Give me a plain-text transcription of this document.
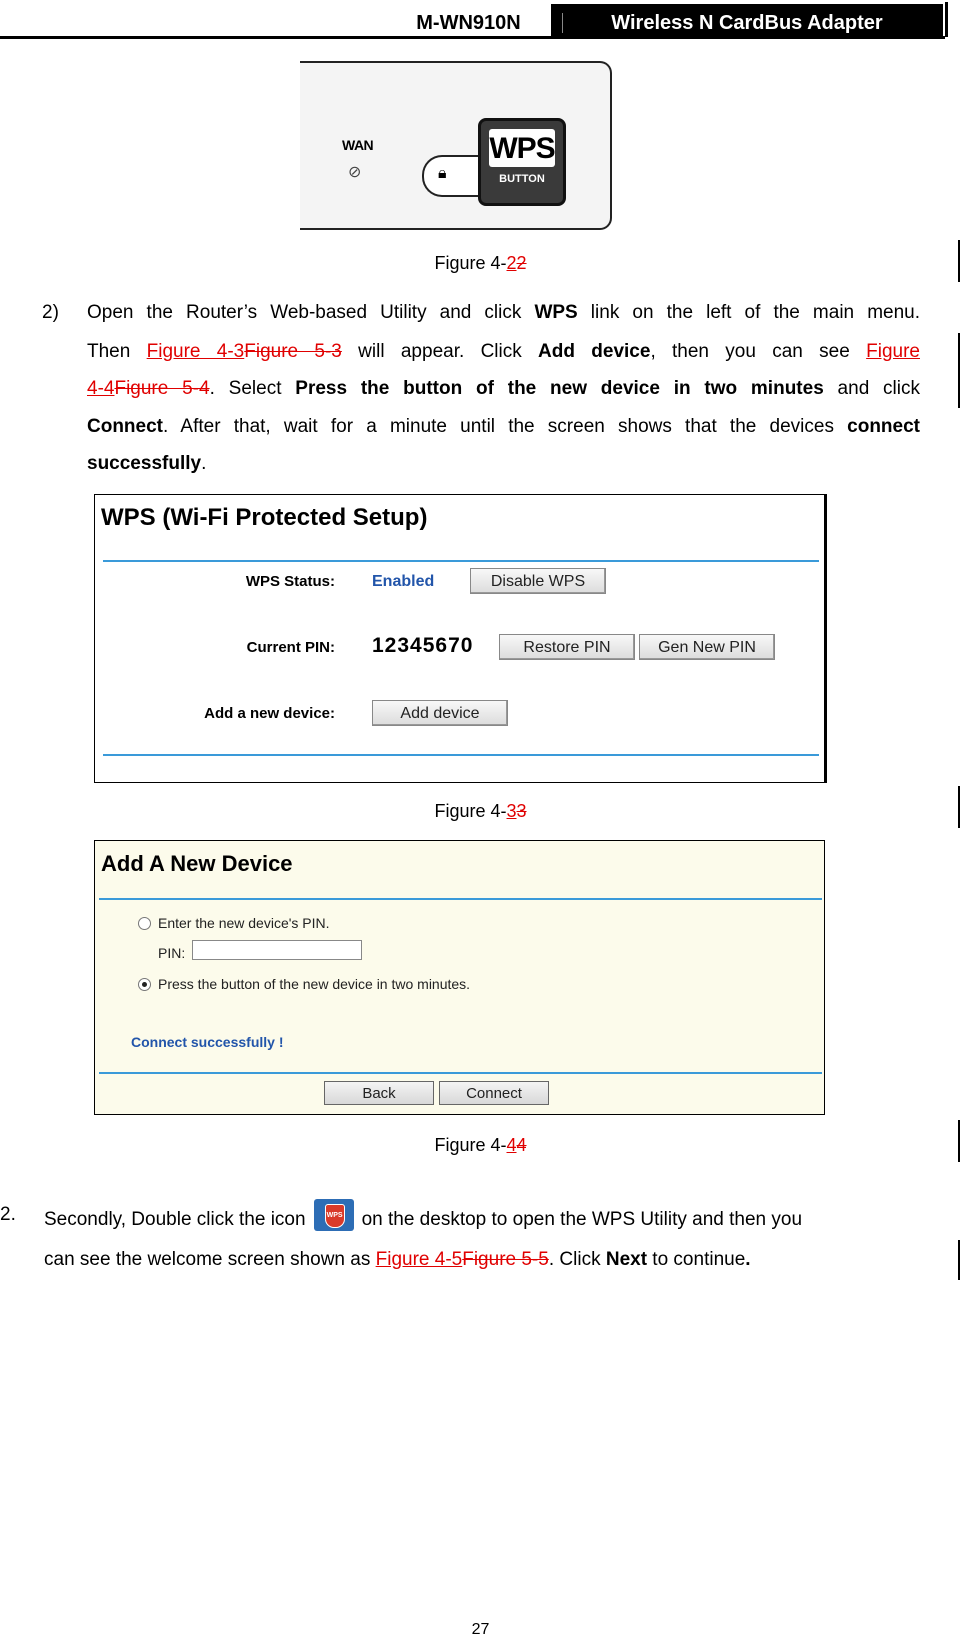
M-WN910N	Wireless N CardBus Adapter
WAN
⊘	🔒︎
WPS
BUTTON
Figure 4-22
2) Open the Router’s Web-based Utility and click WPS link on the left of the main menu.
Then Figure 4-3Figure 5-3 will appear. Click Add device, then you can see Figure
4-4Figure 5-4. Select Press the button of the new device in two minutes and click
Connect. After that, wait for a minute until the screen shows that the devices connect
successfully.
WPS (Wi-Fi Protected Setup)
WPS Status: Enabled	Disable WPS
Current PIN: 12345670	Restore PIN	Gen New PIN
Add a new device:	Add device
Figure 4-33
Add A New Device
Enter the new device's PIN.
PIN:
Press the button of the new device in two minutes.
Connect successfully !
Back	Connect
Figure 4-44
2. Secondly, Double click the icon	WPS on the desktop to open the WPS Utility and then you
can see the welcome screen shown as Figure 4-5Figure 5-5. Click Next to continue.
27
